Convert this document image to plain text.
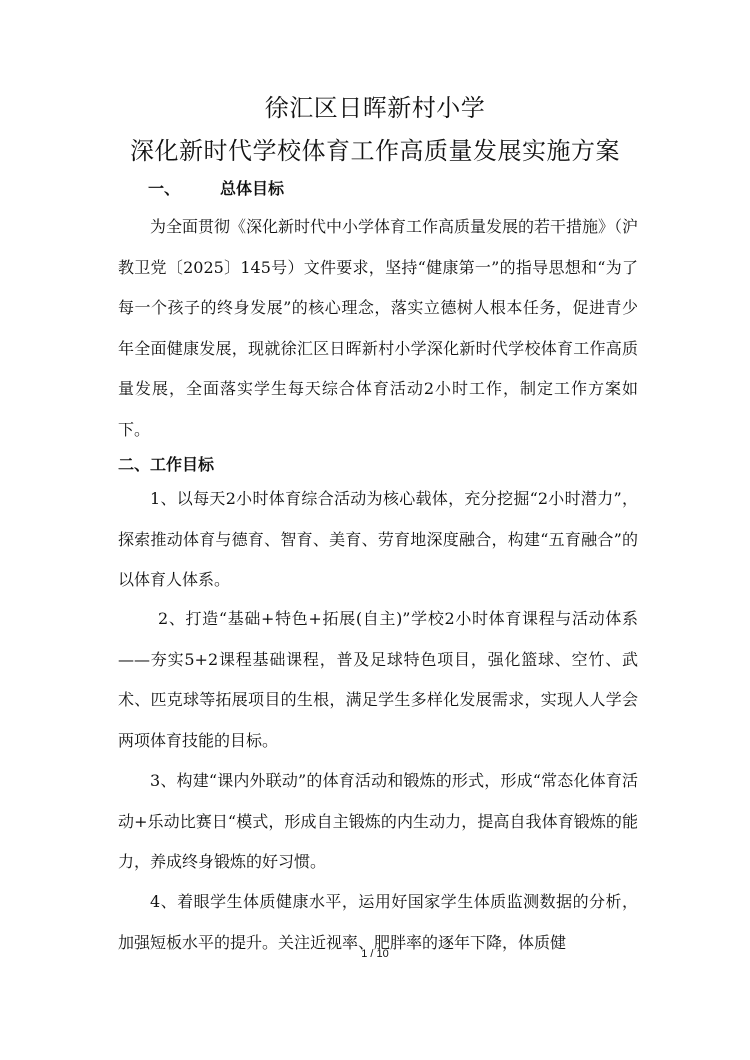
徐汇区日晖新村小学
深化新时代学校体育工作高质量发展实施方案
一、 总体目标

为全面贯彻《深化新时代中小学体育工作高质量发展的若干措施》（沪教卫党〔2025〕145号）文件要求，坚持“健康第一”的指导思想和“为了每一个孩子的终身发展”的核心理念，落实立德树人根本任务，促进青少年全面健康发展，现就徐汇区日晖新村小学深化新时代学校体育工作高质量发展，全面落实学生每天综合体育活动2小时工作，制定工作方案如下。

二、工作目标

1、以每天2小时体育综合活动为核心载体，充分挖掘“2小时潜力”，探索推动体育与德育、智育、美育、劳育地深度融合，构建“五育融合”的以体育人体系。

2、打造“基础+特色+拓展(自主)”学校2小时体育课程与活动体系——夯实5+2课程基础课程，普及足球特色项目，强化篮球、空竹、武术、匹克球等拓展项目的生根，满足学生多样化发展需求，实现人人学会两项体育技能的目标。

3、构建“课内外联动”的体育活动和锻炼的形式，形成“常态化体育活动+乐动比赛日“模式，形成自主锻炼的内生动力，提高自我体育锻炼的能力，养成终身锻炼的好习惯。

4、着眼学生体质健康水平，运用好国家学生体质监测数据的分析，加强短板水平的提升。关注近视率、肥胖率的逐年下降，体质健

1 / 10
